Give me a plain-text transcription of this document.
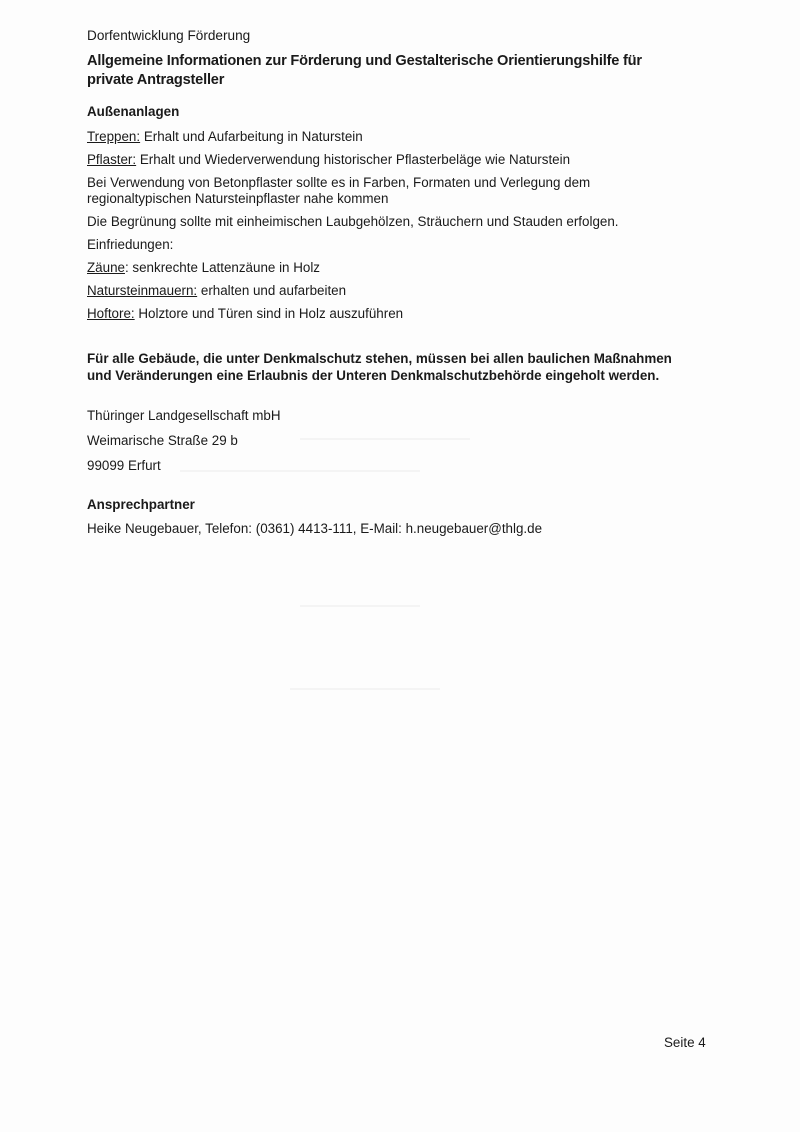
Dorfentwicklung Förderung

Allgemeine Informationen zur Förderung und Gestalterische Orientierungshilfe für private Antragsteller

Außenanlagen

Treppen: Erhalt und Aufarbeitung in Naturstein

Pflaster: Erhalt und Wiederverwendung historischer Pflasterbeläge wie Naturstein

Bei Verwendung von Betonpflaster sollte es in Farben, Formaten und Verlegung dem regionaltypischen Natursteinpflaster nahe kommen

Die Begrünung sollte mit einheimischen Laubgehölzen, Sträuchern und Stauden erfolgen.

Einfriedungen:

Zäune: senkrechte Lattenzäune in Holz

Natursteinmauern: erhalten und aufarbeiten

Hoftore: Holztore und Türen sind in Holz auszuführen

Für alle Gebäude, die unter Denkmalschutz stehen, müssen bei allen baulichen Maßnahmen und Veränderungen eine Erlaubnis der Unteren Denkmalschutzbehörde eingeholt werden.

Thüringer Landgesellschaft mbH

Weimarische Straße 29 b

99099 Erfurt

Ansprechpartner

Heike Neugebauer, Telefon: (0361) 4413-111, E-Mail: h.neugebauer@thlg.de

Seite 4
